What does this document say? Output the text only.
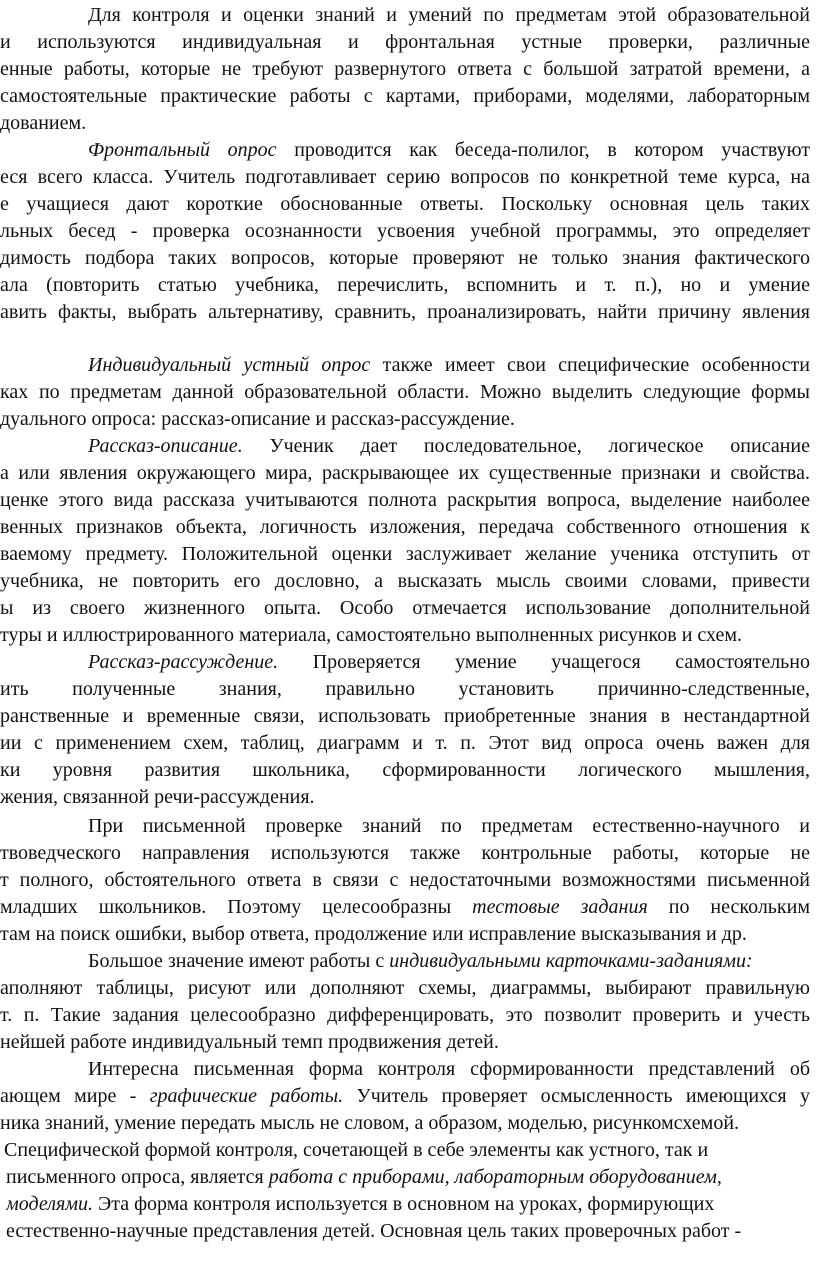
Для контроля и оценки знаний и умений по предметам этой образовательной
и используются индивидуальная и фронтальная устные проверки, различные
енные работы, которые не требуют развернутого ответа с большой затратой времени, а
самостоятельные практические работы с картами, приборами, моделями, лабораторным
дованием.
Фронтальный опрос проводится как беседа-полилог, в котором участвуют
еся всего класса. Учитель подготавливает серию вопросов по конкретной теме курса, на
е учащиеся дают короткие обоснованные ответы. Поскольку основная цель таких
льных бесед - проверка осознанности усвоения учебной программы, это определяет
димость подбора таких вопросов, которые проверяют не только знания фактического
ала (повторить статью учебника, перечислить, вспомнить и т. п.), но и умение
авить факты, выбрать альтернативу, сравнить, проанализировать, найти причину явления
Индивидуальный устный опрос также имеет свои специфические особенности
ках по предметам данной образовательной области. Можно выделить следующие формы
дуального опроса: рассказ-описание и рассказ-рассуждение.
Рассказ-описание. Ученик дает последовательное, логическое описание
а или явления окружающего мира, раскрывающее их существенные признаки и свойства.
ценке этого вида рассказа учитываются полнота раскрытия вопроса, выделение наиболее
венных признаков объекта, логичность изложения, передача собственного отношения к
ваемому предмету. Положительной оценки заслуживает желание ученика отступить от
учебника, не повторить его дословно, а высказать мысль своими словами, привести
ы из своего жизненного опыта. Особо отмечается использование дополнительной
туры и иллюстрированного материала, самостоятельно выполненных рисунков и схем.
Рассказ-рассуждение. Проверяется умение учащегося самостоятельно
ить полученные знания, правильно установить причинно-следственные,
ранственные и временные связи, использовать приобретенные знания в нестандартной
ии с применением схем, таблиц, диаграмм и т. п. Этот вид опроса очень важен для
ки уровня развития школьника, сформированности логического мышления,
жения, связанной речи-рассуждения.
При письменной проверке знаний по предметам естественно-научного и
твоведческого направления используются также контрольные работы, которые не
т полного, обстоятельного ответа в связи с недостаточными возможностями письменной
младших школьников. Поэтому целесообразны тестовые задания по нескольким
там на поиск ошибки, выбор ответа, продолжение или исправление высказывания и др.
Большое значение имеют работы с индивидуальными карточками-заданиями:
аполняют таблицы, рисуют или дополняют схемы, диаграммы, выбирают правильную
т. п. Такие задания целесообразно дифференцировать, это позволит проверить и учесть
нейшей работе индивидуальный темп продвижения детей.
Интересна письменная форма контроля сформированности представлений об
ающем мире - графические работы. Учитель проверяет осмысленность имеющихся у
ника знаний, умение передать мысль не словом, а образом, моделью, рисункомсхемой.
Специфической формой контроля, сочетающей в себе элементы как устного, так и
письменного опроса, является работа с приборами, лабораторным оборудованием,
моделями. Эта форма контроля используется в основном на уроках, формирующих
естественно-научные представления детей. Основная цель таких проверочных работ -
